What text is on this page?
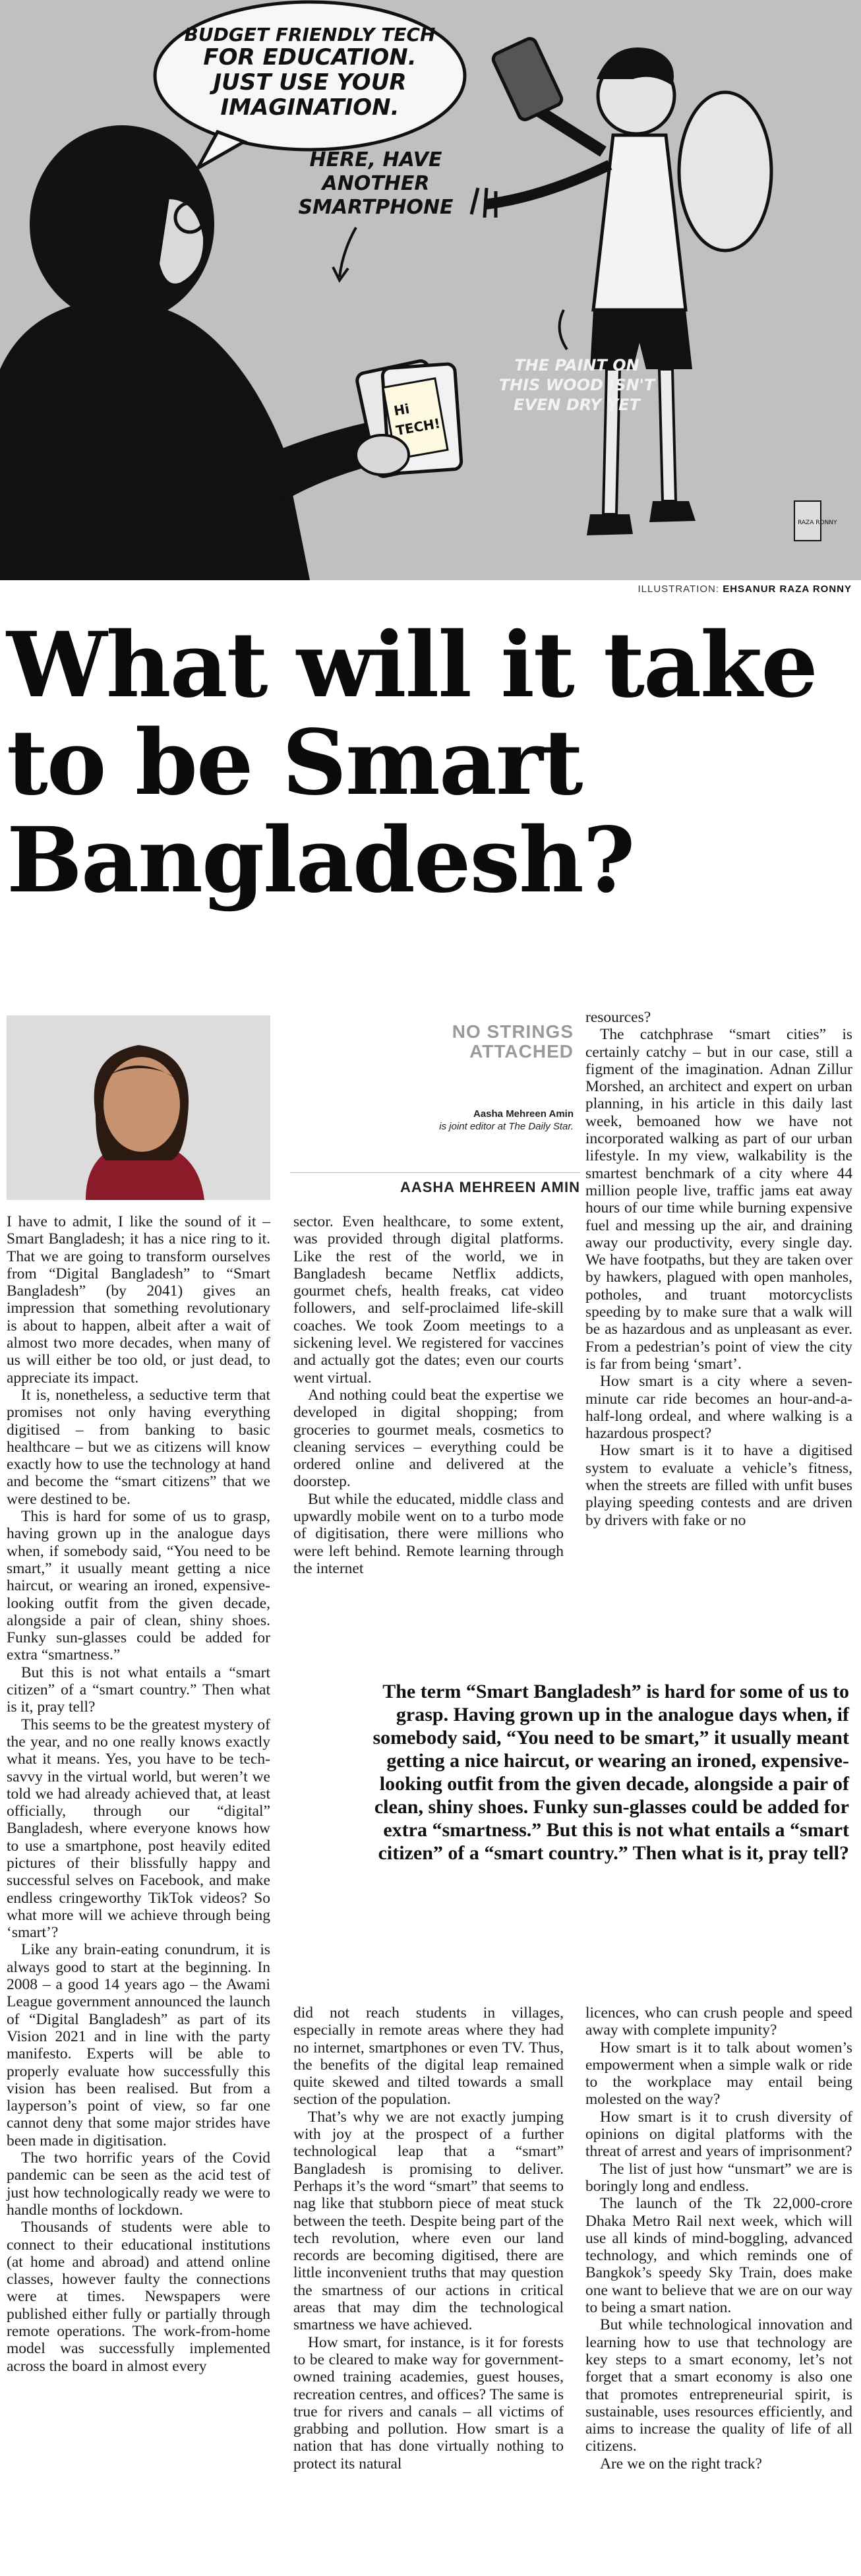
Hi
TECH!
RAZA RONNY
BUDGET FRIENDLY TECH
FOR EDUCATION.
JUST USE YOUR
IMAGINATION.
HERE, HAVE
ANOTHER
SMARTPHONE
THE PAINT ON
THIS WOOD ISN'T
EVEN DRY YET
ILLUSTRATION: EHSANUR RAZA RONNY
What will it take to be Smart Bangladesh?
NO STRINGS
ATTACHED
Aasha Mehreen Amin
is joint editor at The Daily Star.
AASHA MEHREEN AMIN

I have to admit, I like the sound of it – Smart Bangladesh; it has a nice ring to it. That we are going to transform ourselves from “Digital Bangladesh” to “Smart Bangladesh” (by 2041) gives an impression that something revolutionary is about to happen, albeit after a wait of almost two more decades, when many of us will either be too old, or just dead, to appreciate its impact.

It is, nonetheless, a seductive term that promises not only having everything digitised – from banking to basic healthcare – but we as citizens will know exactly how to use the technology at hand and become the “smart citizens” that we were destined to be.

This is hard for some of us to grasp, having grown up in the analogue days when, if somebody said, “You need to be smart,” it usually meant getting a nice haircut, or wearing an ironed, expensive-looking outfit from the given decade, alongside a pair of clean, shiny shoes. Funky sun-glasses could be added for extra “smartness.”

But this is not what entails a “smart citizen” of a “smart country.” Then what is it, pray tell?

This seems to be the greatest mystery of the year, and no one really knows exactly what it means. Yes, you have to be tech-savvy in the virtual world, but weren’t we told we had already achieved that, at least officially, through our “digital” Bangladesh, where everyone knows how to use a smartphone, post heavily edited pictures of their blissfully happy and successful selves on Facebook, and make endless cringeworthy TikTok videos? So what more will we achieve through being ‘smart’?

Like any brain-eating conundrum, it is always good to start at the beginning. In 2008 – a good 14 years ago – the Awami League government announced the launch of “Digital Bangladesh” as part of its Vision 2021 and in line with the party manifesto. Experts will be able to properly evaluate how successfully this vision has been realised. But from a layperson’s point of view, so far one cannot deny that some major strides have been made in digitisation.

The two horrific years of the Covid pandemic can be seen as the acid test of just how technologically ready we were to handle months of lockdown.

Thousands of students were able to connect to their educational institutions (at home and abroad) and attend online classes, however faulty the connections were at times. Newspapers were published either fully or partially through remote operations. The work-from-home model was successfully implemented across the board in almost every

sector. Even healthcare, to some extent, was provided through digital platforms. Like the rest of the world, we in Bangladesh became Netflix addicts, gourmet chefs, health freaks, cat video followers, and self-proclaimed life-skill coaches. We took Zoom meetings to a sickening level. We registered for vaccines and actually got the dates; even our courts went virtual.

And nothing could beat the expertise we developed in digital shopping; from groceries to gourmet meals, cosmetics to cleaning services – everything could be ordered online and delivered at the doorstep.

But while the educated, middle class and upwardly mobile went on to a turbo mode of digitisation, there were millions who were left behind. Remote learning through the internet

resources?

The catchphrase “smart cities” is certainly catchy – but in our case, still a figment of the imagination. Adnan Zillur Morshed, an architect and expert on urban planning, in his article in this daily last week, bemoaned how we have not incorporated walking as part of our urban lifestyle. In my view, walkability is the smartest benchmark of a city where 44 million people live, traffic jams eat away hours of our time while burning expensive fuel and messing up the air, and draining away our productivity, every single day. We have footpaths, but they are taken over by hawkers, plagued with open manholes, potholes, and truant motorcyclists speeding by to make sure that a walk will be as hazardous and as unpleasant as ever. From a pedestrian’s point of view the city is far from being ‘smart’.

How smart is a city where a seven-minute car ride becomes an hour-and-a-half-long ordeal, and where walking is a hazardous prospect?

How smart is it to have a digitised system to evaluate a vehicle’s fitness, when the streets are filled with unfit buses playing speeding contests and are driven by drivers with fake or no

The term “Smart Bangladesh” is hard for some of us to grasp. Having grown up in the analogue days when, if somebody said, “You need to be smart,” it usually meant getting a nice haircut, or wearing an ironed, expensive-looking outfit from the given decade, alongside a pair of clean, shiny shoes. Funky sun-glasses could be added for extra “smartness.” But this is not what entails a “smart citizen” of a “smart country.” Then what is it, pray tell?

did not reach students in villages, especially in remote areas where they had no internet, smartphones or even TV. Thus, the benefits of the digital leap remained quite skewed and tilted towards a small section of the population.

That’s why we are not exactly jumping with joy at the prospect of a further technological leap that a “smart” Bangladesh is promising to deliver. Perhaps it’s the word “smart” that seems to nag like that stubborn piece of meat stuck between the teeth. Despite being part of the tech revolution, where even our land records are becoming digitised, there are little inconvenient truths that may question the smartness of our actions in critical areas that may dim the technological smartness we have achieved.

How smart, for instance, is it for forests to be cleared to make way for government-owned training academies, guest houses, recreation centres, and offices? The same is true for rivers and canals – all victims of grabbing and pollution. How smart is a nation that has done virtually nothing to protect its natural

licences, who can crush people and speed away with complete impunity?

How smart is it to talk about women’s empowerment when a simple walk or ride to the workplace may entail being molested on the way?

How smart is it to crush diversity of opinions on digital platforms with the threat of arrest and years of imprisonment?

The list of just how “unsmart” we are is boringly long and endless.

The launch of the Tk 22,000-crore Dhaka Metro Rail next week, which will use all kinds of mind-boggling, advanced technology, and which reminds one of Bangkok’s speedy Sky Train, does make one want to believe that we are on our way to being a smart nation.

But while technological innovation and learning how to use that technology are key steps to a smart economy, let’s not forget that a smart economy is also one that promotes entrepreneurial spirit, is sustainable, uses resources efficiently, and aims to increase the quality of life of all citizens.

Are we on the right track?
